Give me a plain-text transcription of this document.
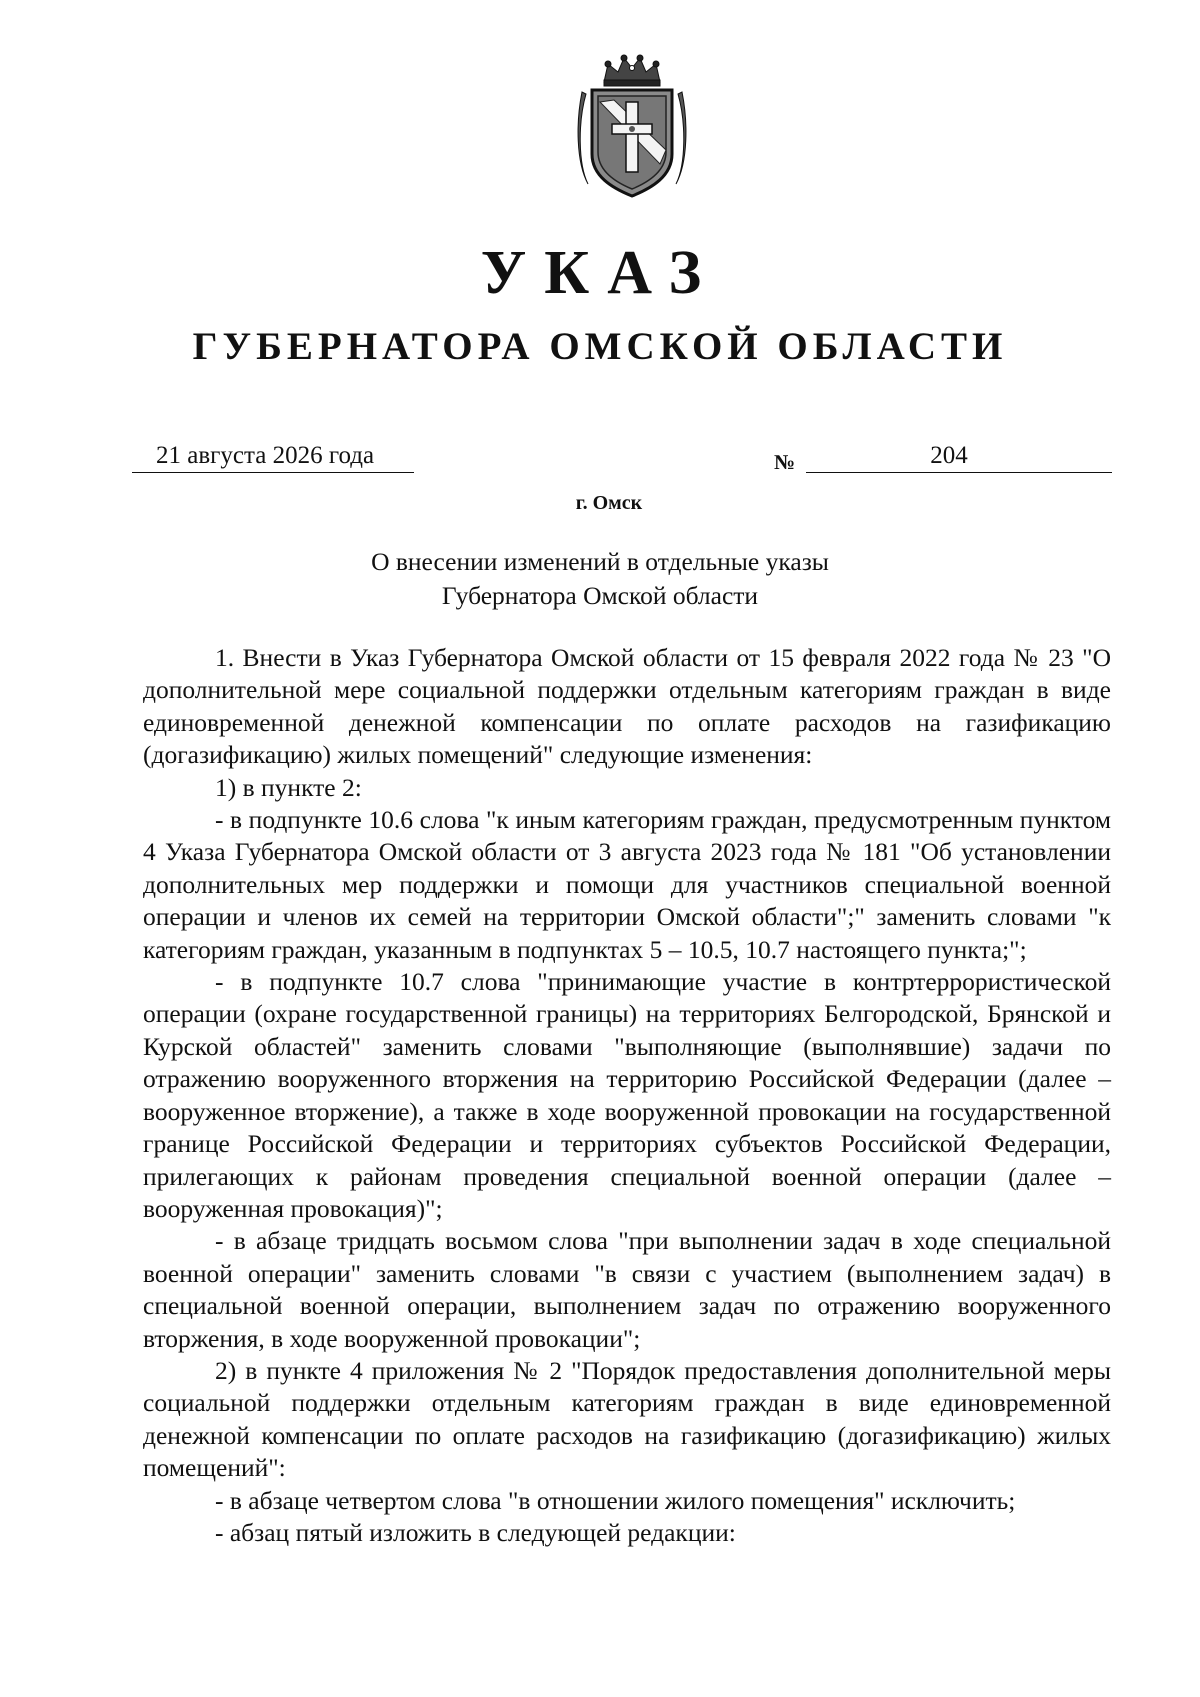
УКАЗ
ГУБЕРНАТОРА ОМСКОЙ ОБЛАСТИ
21 августа 2026 года	№	204
г. Омск
О внесении изменений в отдельные указы
Губернатора Омской области

1. Внести в Указ Губернатора Омской области от 15 февраля 2022 года № 23 "О дополнительной мере социальной поддержки отдельным категориям граждан в виде единовременной денежной компенсации по оплате расходов на газификацию (догазификацию) жилых помещений" следующие изменения:

1) в пункте 2:

- в подпункте 10.6 слова "к иным категориям граждан, предусмотренным пунктом 4 Указа Губернатора Омской области от 3 августа 2023 года № 181 "Об установлении дополнительных мер поддержки и помощи для участников специальной военной операции и членов их семей на территории Омской области";" заменить словами "к категориям граждан, указанным в подпунктах 5 – 10.5, 10.7 настоящего пункта;";

- в подпункте 10.7 слова "принимающие участие в контртеррористической операции (охране государственной границы) на территориях Белгородской, Брянской и Курской областей" заменить словами "выполняющие (выполнявшие) задачи по отражению вооруженного вторжения на территорию Российской Федерации (далее – вооруженное вторжение), а также в ходе вооруженной провокации на государственной границе Российской Федерации и территориях субъектов Российской Федерации, прилегающих к районам проведения специальной военной операции (далее – вооруженная провокация)";

- в абзаце тридцать восьмом слова "при выполнении задач в ходе специальной военной операции" заменить словами "в связи с участием (выполнением задач) в специальной военной операции, выполнением задач по отражению вооруженного вторжения, в ходе вооруженной провокации";

2) в пункте 4 приложения № 2 "Порядок предоставления дополнительной меры социальной поддержки отдельным категориям граждан в виде единовременной денежной компенсации по оплате расходов на газификацию (догазификацию) жилых помещений":

- в абзаце четвертом слова "в отношении жилого помещения" исключить;

- абзац пятый изложить в следующей редакции:
